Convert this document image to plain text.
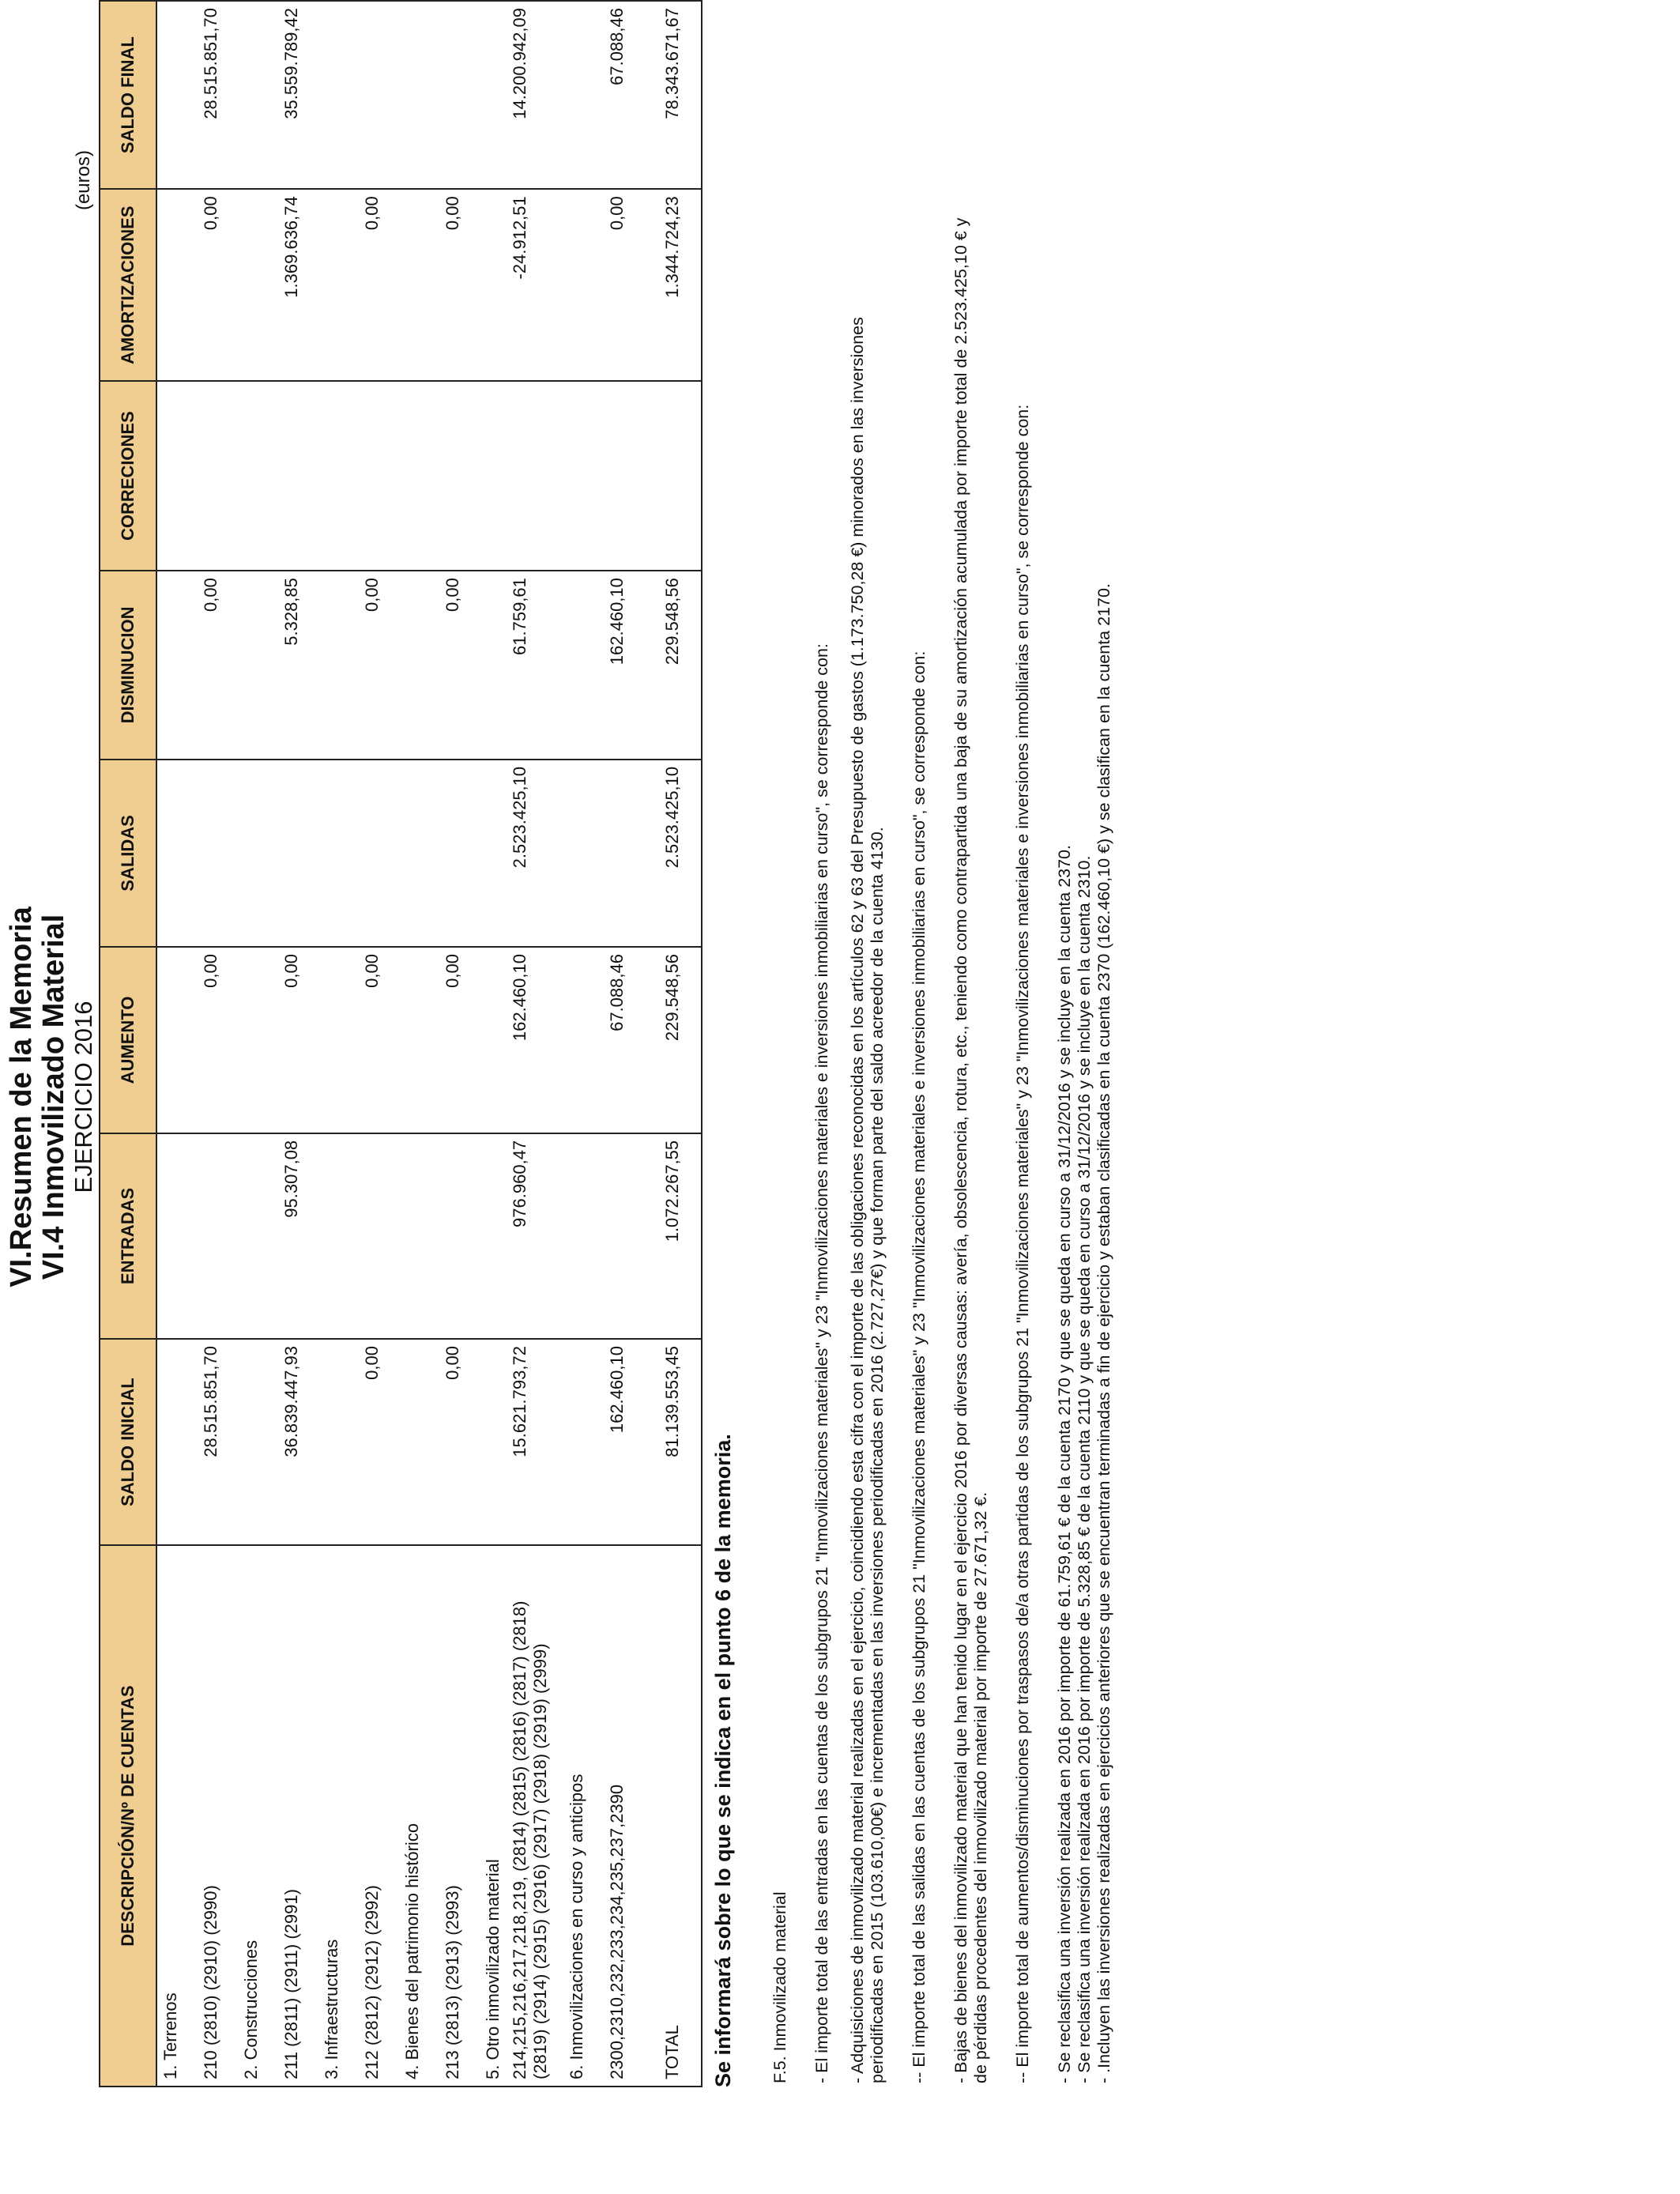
VI.Resumen de la Memoria VI.4 Inmovilizado Material EJERCICIO 2016
(euros)
DESCRIPCIÓN/Nº DE CUENTAS	SALDO INICIAL	ENTRADAS	AUMENTO	SALIDAS	DISMINUCION	CORRECIONES	AMORTIZACIONES	SALDO FINAL
1. Terrenos								
210 (2810) (2910) (2990)	28.515.851,70		0,00		0,00		0,00	28.515.851,70
2. Construcciones								
211 (2811) (2911) (2991)	36.839.447,93	95.307,08	0,00		5.328,85		1.369.636,74	35.559.789,42
3. Infraestructuras								
212 (2812) (2912) (2992)	0,00		0,00		0,00		0,00	
4. Bienes del patrimonio histórico								
213 (2813) (2913) (2993)	0,00		0,00		0,00		0,00	
5. Otro inmovilizado material								

214,215,216,217,218,219, (2814) (2815) (2816) (2817) (2818) (2819) (2914) (2915) (2916) (2917) (2918) (2919) (2999)	15.621.793,72	976.960,47	162.460,10	2.523.425,10	61.759,61		-24.912,51	14.200.942,09
6. Inmovilizaciones en curso y anticipos								
2300,2310,232,233,234,235,237,2390	162.460,10		67.088,46		162.460,10		0,00	67.088,46
TOTAL	81.139.553,45	1.072.267,55	229.548,56	2.523.425,10	229.548,56		1.344.724,23	78.343.671,67
Se informará sobre lo que se indica en el punto 6 de la memoria. F.5. Inmovilizado material - El importe total de las entradas en las cuentas de los subgrupos 21 "Inmovilizaciones materiales" y 23 "Inmovilizaciones materiales e inversiones inmobiliarias en curso", se corresponde con: - Adquisiciones de inmovilizado material realizadas en el ejercicio, coincidiendo esta cifra con el importe de las obligaciones reconocidas en los artículos 62 y 63 del Presupuesto de gastos (1.173.750,28 €) minorados en las inversiones periodificadas en 2015 (103.610,00€) e incrementadas en las inversiones periodificadas en 2016 (2.727,27€) y que forman parte del saldo acreedor de la cuenta 4130. -- El importe total de las salidas en las cuentas de los subgrupos 21 "Inmovilizaciones materiales" y 23 "Inmovilizaciones materiales e inversiones inmobiliarias en curso", se corresponde con: - Bajas de bienes del inmovilizado material que han tenido lugar en el ejercicio 2016 por diversas causas: avería, obsolescencia, rotura, etc., teniendo como contrapartida una baja de su amortización acumulada por importe total de 2.523.425,10 € y de pérdidas procedentes del inmovilizado material por importe de 27.671,32 €. -- El importe total de aumentos/disminuciones por traspasos de/a otras partidas de los subgrupos 21 "Inmovilizaciones materiales" y 23 "Inmovilizaciones materiales e inversiones inmobiliarias en curso", se corresponde con: - Se reclasifica una inversión realizada en 2016 por importe de 61.759,61 € de la cuenta 2170 y que se queda en curso a 31/12/2016 y se incluye en la cuenta 2370. - Se reclasifica una inversión realizada en 2016 por importe de 5.328,85 € de la cuenta 2110 y que se queda en curso a 31/12/2016 y se incluye en la cuenta 2310. - .Incluyen las inversiones realizadas en ejercicios anteriores que se encuentran terminadas a fin de ejercicio y estaban clasificadas en la cuenta 2370 (162.460,10 €) y se clasifican en la cuenta 2170.
